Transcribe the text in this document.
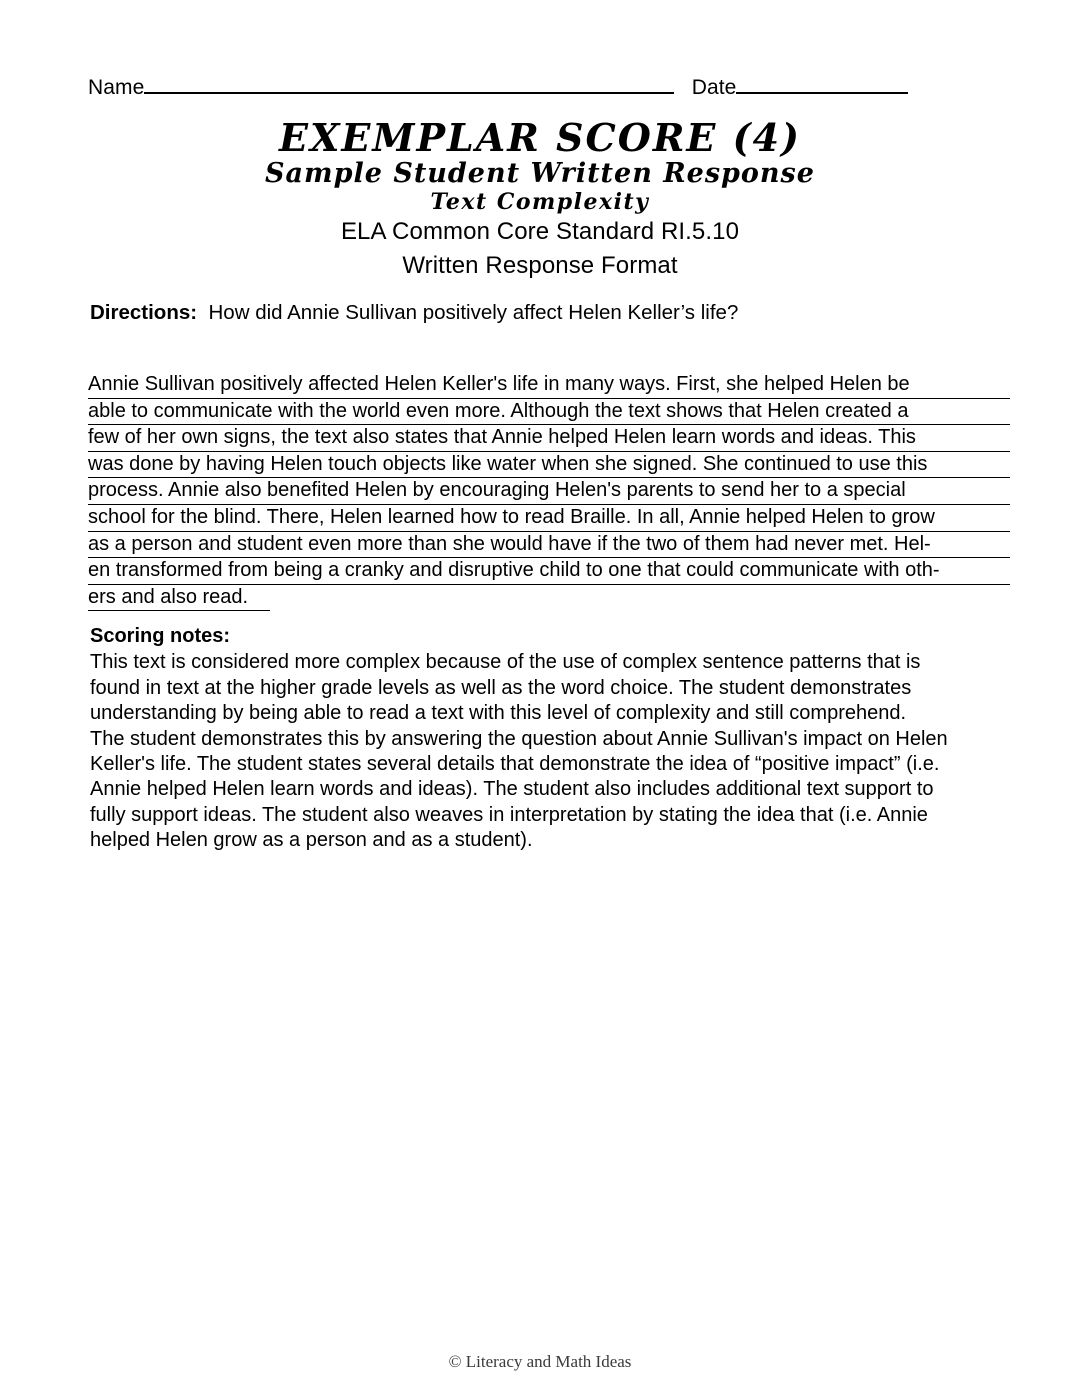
Name	Date
EXEMPLAR SCORE (4)
Sample Student Written Response
Text Complexity
ELA Common Core Standard RI.5.10
Written Response Format
Directions: How did Annie Sullivan positively affect Helen Keller’s life?
Annie Sullivan positively affected Helen Keller's life in many ways. First, she helped Helen be
able to communicate with the world even more. Although the text shows that Helen created a
few of her own signs, the text also states that Annie helped Helen learn words and ideas. This
was done by having Helen touch objects like water when she signed. She continued to use this
process. Annie also benefited Helen by encouraging Helen's parents to send her to a special
school for the blind. There, Helen learned how to read Braille. In all, Annie helped Helen to grow
as a person and student even more than she would have if the two of them had never met. Hel-
en transformed from being a cranky and disruptive child to one that could communicate with oth-
ers and also read.
Scoring notes:
This text is considered more complex because of the use of complex sentence patterns that is
found in text at the higher grade levels as well as the word choice. The student demonstrates
understanding by being able to read a text with this level of complexity and still comprehend.
The student demonstrates this by answering the question about Annie Sullivan's impact on Helen
Keller's life. The student states several details that demonstrate the idea of “positive impact” (i.e.
Annie helped Helen learn words and ideas). The student also includes additional text support to
fully support ideas. The student also weaves in interpretation by stating the idea that (i.e. Annie
helped Helen grow as a person and as a student).
© Literacy and Math Ideas
